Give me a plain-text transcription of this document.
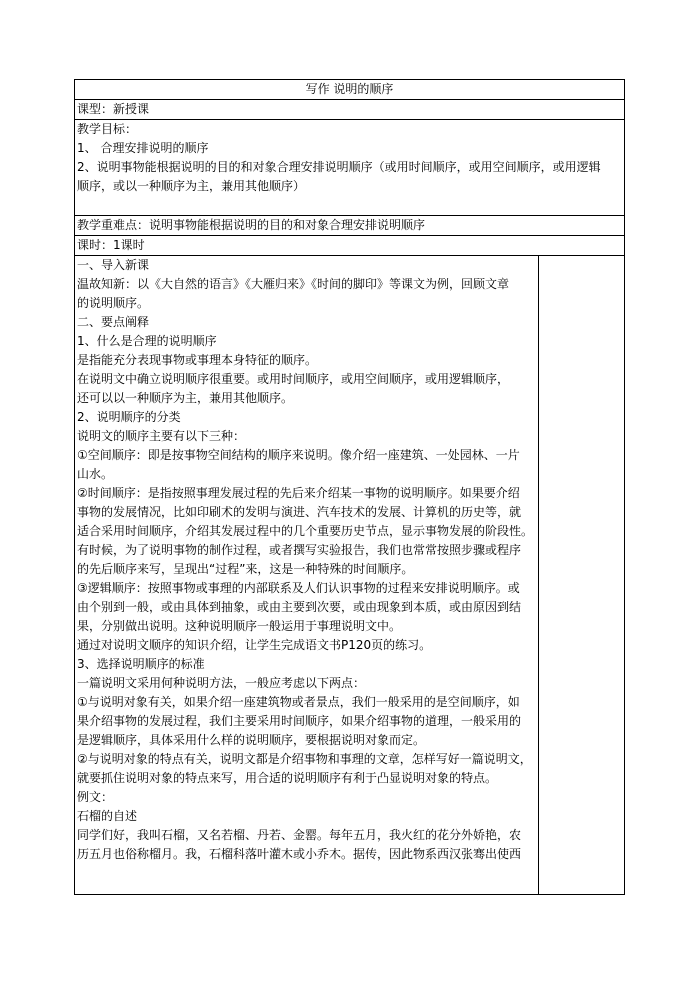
写作 说明的顺序
课型：新授课

教学目标：
1、 合理安排说明的顺序
2、说明事物能根据说明的目的和对象合理安排说明顺序（或用时间顺序，或用空间顺序，或用逻辑
顺序，或以一种顺序为主，兼用其他顺序）

教学重难点：说明事物能根据说明的目的和对象合理安排说明顺序
课时：1课时

一、导入新课
温故知新：以《大自然的语言》《大雁归来》《时间的脚印》等课文为例，回顾文章
的说明顺序。
二、要点阐释
1、什么是合理的说明顺序
是指能充分表现事物或事理本身特征的顺序。
在说明文中确立说明顺序很重要。或用时间顺序，或用空间顺序，或用逻辑顺序，
还可以以一种顺序为主，兼用其他顺序。
2、说明顺序的分类
说明文的顺序主要有以下三种：
①空间顺序：即是按事物空间结构的顺序来说明。像介绍一座建筑、一处园林、一片
山水。
②时间顺序：是指按照事理发展过程的先后来介绍某一事物的说明顺序。如果要介绍
事物的发展情况，比如印刷术的发明与演进、汽车技术的发展、计算机的历史等，就
适合采用时间顺序，介绍其发展过程中的几个重要历史节点，显示事物发展的阶段性。
有时候，为了说明事物的制作过程，或者撰写实验报告，我们也常常按照步骤或程序
的先后顺序来写，呈现出“过程”来，这是一种特殊的时间顺序。
③逻辑顺序：按照事物或事理的内部联系及人们认识事物的过程来安排说明顺序。或
由个别到一般，或由具体到抽象，或由主要到次要，或由现象到本质，或由原因到结
果，分别做出说明。这种说明顺序一般运用于事理说明文中。
通过对说明文顺序的知识介绍，让学生完成语文书P120页的练习。
3、选择说明顺序的标准
一篇说明文采用何种说明方法，一般应考虑以下两点：
①与说明对象有关，如果介绍一座建筑物或者景点，我们一般采用的是空间顺序，如
果介绍事物的发展过程，我们主要采用时间顺序，如果介绍事物的道理，一般采用的
是逻辑顺序，具体采用什么样的说明顺序，要根据说明对象而定。
②与说明对象的特点有关，说明文都是介绍事物和事理的文章，怎样写好一篇说明文，
就要抓住说明对象的特点来写，用合适的说明顺序有利于凸显说明对象的特点。
例文：
石榴的自述
同学们好，我叫石榴，又名若榴、丹若、金罂。每年五月，我火红的花分外娇艳，农
历五月也俗称榴月。我，石榴科落叶灌木或小乔木。据传，因此物系西汉张骞出使西
